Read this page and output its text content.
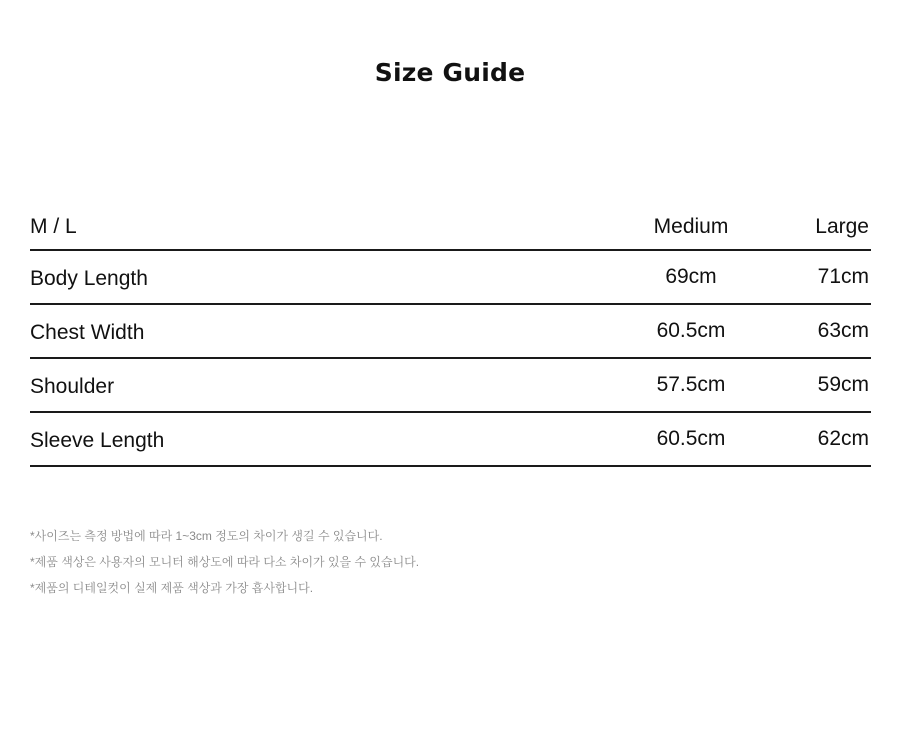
Size Guide
M / L	Medium	Large
Body Length	69cm	71cm
Chest Width	60.5cm	63cm
Shoulder	57.5cm	59cm
Sleeve Length	60.5cm	62cm
*사이즈는 측정 방법에 따라 1~3cm 정도의 차이가 생길 수 있습니다.
*제품 색상은 사용자의 모니터 해상도에 따라 다소 차이가 있을 수 있습니다.
*제품의 디테일컷이 실제 제품 색상과 가장 흡사합니다.
